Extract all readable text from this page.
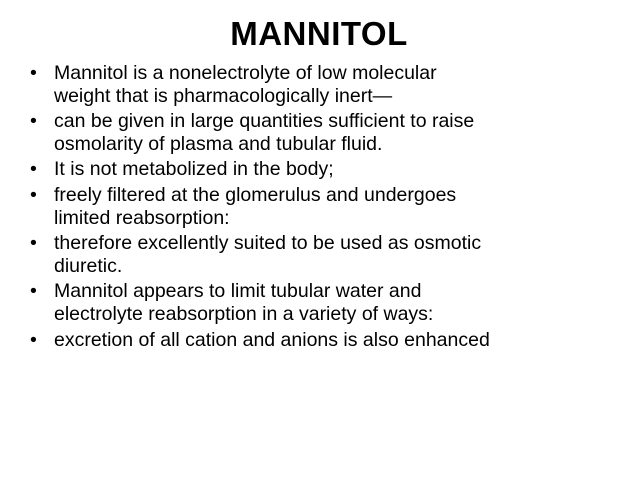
MANNITOL
• Mannitol is a nonelectrolyte of low molecular
weight that is pharmacologically inert—
• can be given in large quantities sufficient to raise
osmolarity of plasma and tubular fluid.
• It is not metabolized in the body;
• freely filtered at the glomerulus and undergoes
limited reabsorption:
• therefore excellently suited to be used as osmotic
diuretic.
• Mannitol appears to limit tubular water and
electrolyte reabsorption in a variety of ways:
• excretion of all cation and anions is also enhanced
